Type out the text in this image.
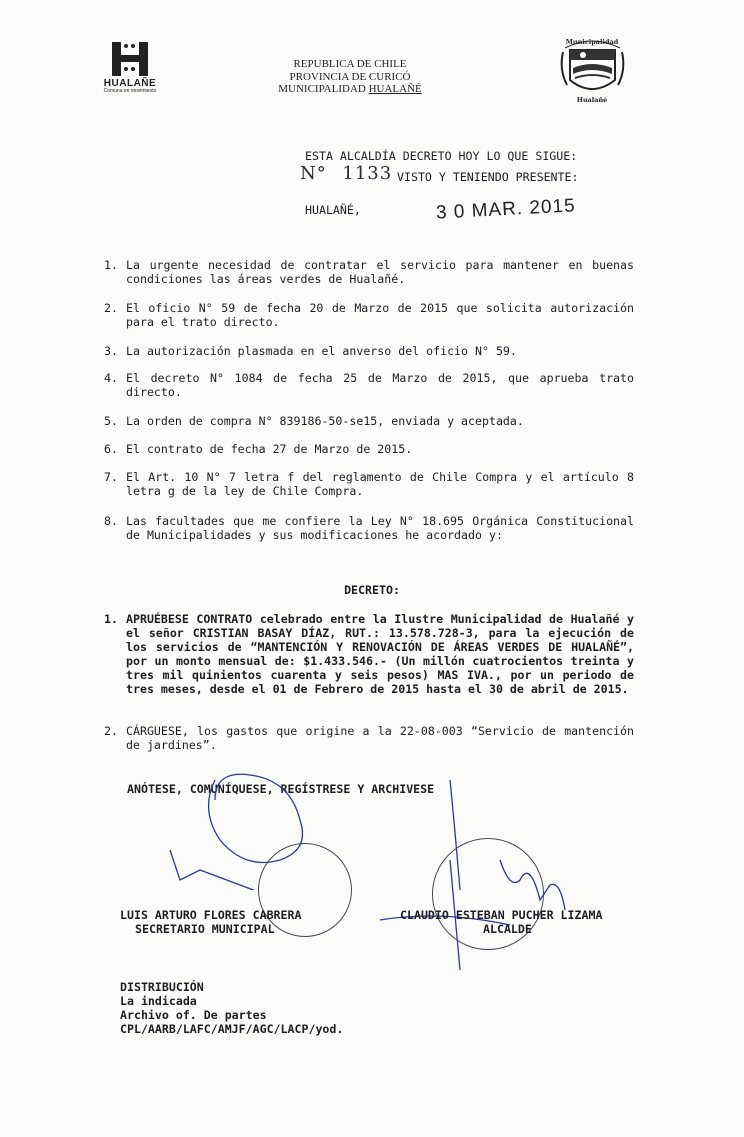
HUALAÑE
Comuna en movimiento
REPUBLICA DE CHILE
PROVINCIA DE CURICÓ
MUNICIPALIDAD HUALAÑÉ
Municipalidad
Hualañé
ESTA ALCALDÍA DECRETO HOY LO QUE SIGUE:
N° 1133 VISTO Y TENIENDO PRESENTE:
HUALAÑÉ,	3 0 MAR. 2015
1. La urgente necesidad de contratar el servicio para mantener en buenas condiciones las áreas verdes de Hualañé.
2. El oficio N° 59 de fecha 20 de Marzo de 2015 que solicita autorización para el trato directo.
3. La autorización plasmada en el anverso del oficio N° 59.
4. El decreto N° 1084 de fecha 25 de Marzo de 2015, que aprueba trato directo.
5. La orden de compra N° 839186-50-se15, enviada y aceptada.
6. El contrato de fecha 27 de Marzo de 2015.
7. El Art. 10 N° 7 letra f del reglamento de Chile Compra y el artículo 8 letra g de la ley de Chile Compra.
8. Las facultades que me confiere la Ley N° 18.695 Orgánica Constitucional de Municipalidades y sus modificaciones he acordado y:
DECRETO:
1. APRUÉBESE CONTRATO celebrado entre la Ilustre Municipalidad de Hualañé y el señor CRISTIAN BASAY DÍAZ, RUT.: 13.578.728-3, para la ejecución de los servicios de “MANTENCIÓN Y RENOVACIÓN DE ÁREAS VERDES DE HUALAÑÉ”, por un monto mensual de: $1.433.546.- (Un millón cuatrocientos treinta y tres mil quinientos cuarenta y seis pesos) MAS IVA., por un periodo de tres meses, desde el 01 de Febrero de 2015 hasta el 30 de abril de 2015.
2. CÁRGUESE, los gastos que origine a la 22-08-003 “Servicio de mantención de jardines”.
ANÓTESE, COMUNÍQUESE, REGÍSTRESE Y ARCHIVESE
LUIS ARTURO FLORES CABRERA
SECRETARIO MUNICIPAL
CLAUDIO ESTEBAN PUCHER LIZAMA
ALCALDE
DISTRIBUCIÓN
La indicada
Archivo of. De partes
CPL/AARB/LAFC/AMJF/AGC/LACP/yod.
